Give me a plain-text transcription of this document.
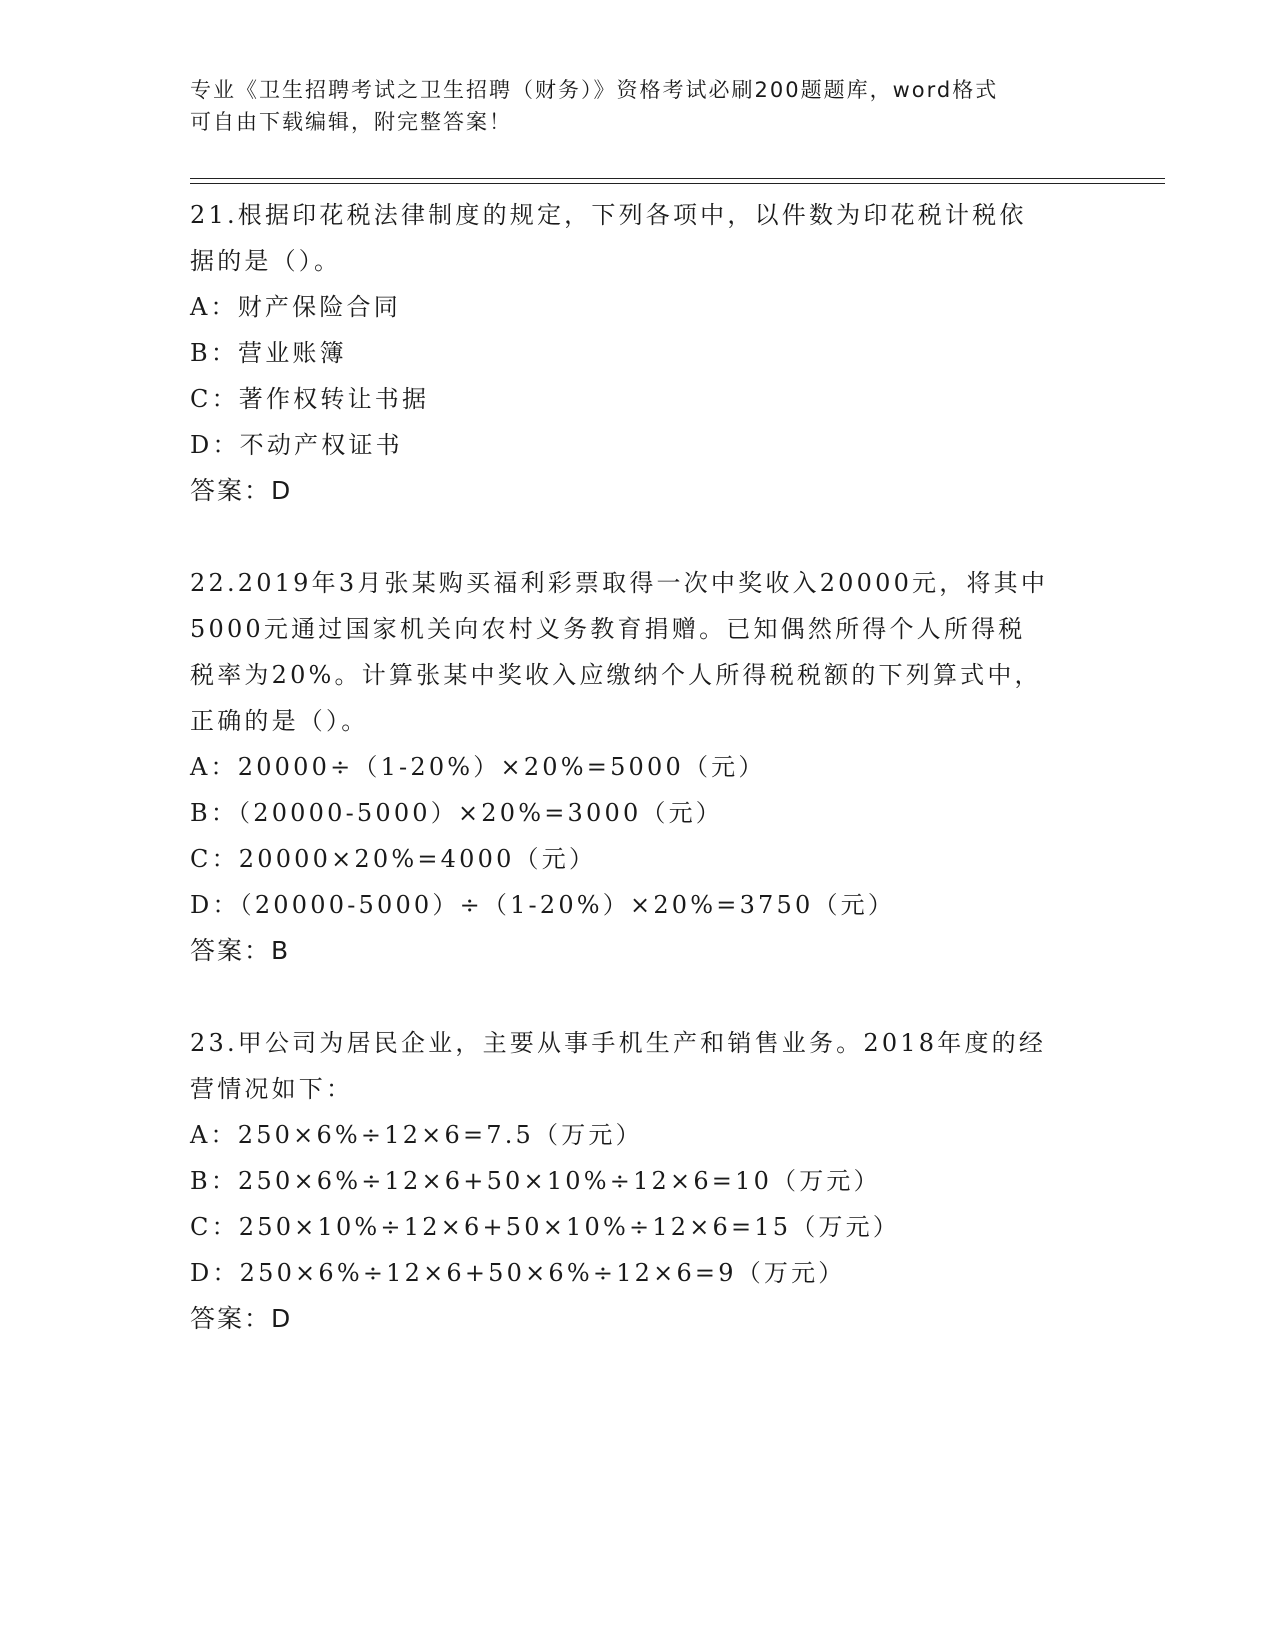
专业《卫生招聘考试之卫生招聘（财务）》资格考试必刷200题题库，word格式

可自由下载编辑，附完整答案！

21.根据印花税法律制度的规定，下列各项中，以件数为印花税计税依

据的是（）。

A：财产保险合同

B：营业账簿

C：著作权转让书据

D：不动产权证书

答案：D

22.2019年3月张某购买福利彩票取得一次中奖收入20000元，将其中

5000元通过国家机关向农村义务教育捐赠。已知偶然所得个人所得税

税率为20%。计算张某中奖收入应缴纳个人所得税税额的下列算式中，

正确的是（）。

A：20000÷（1-20%）×20%=5000（元）

B：（20000-5000）×20%=3000（元）

C：20000×20%=4000（元）

D：（20000-5000）÷（1-20%）×20%=3750（元）

答案：B

23.甲公司为居民企业，主要从事手机生产和销售业务。2018年度的经

营情况如下：

A：250×6%÷12×6=7.5（万元）

B：250×6%÷12×6+50×10%÷12×6=10（万元）

C：250×10%÷12×6+50×10%÷12×6=15（万元）

D：250×6%÷12×6+50×6%÷12×6=9（万元）

答案：D
